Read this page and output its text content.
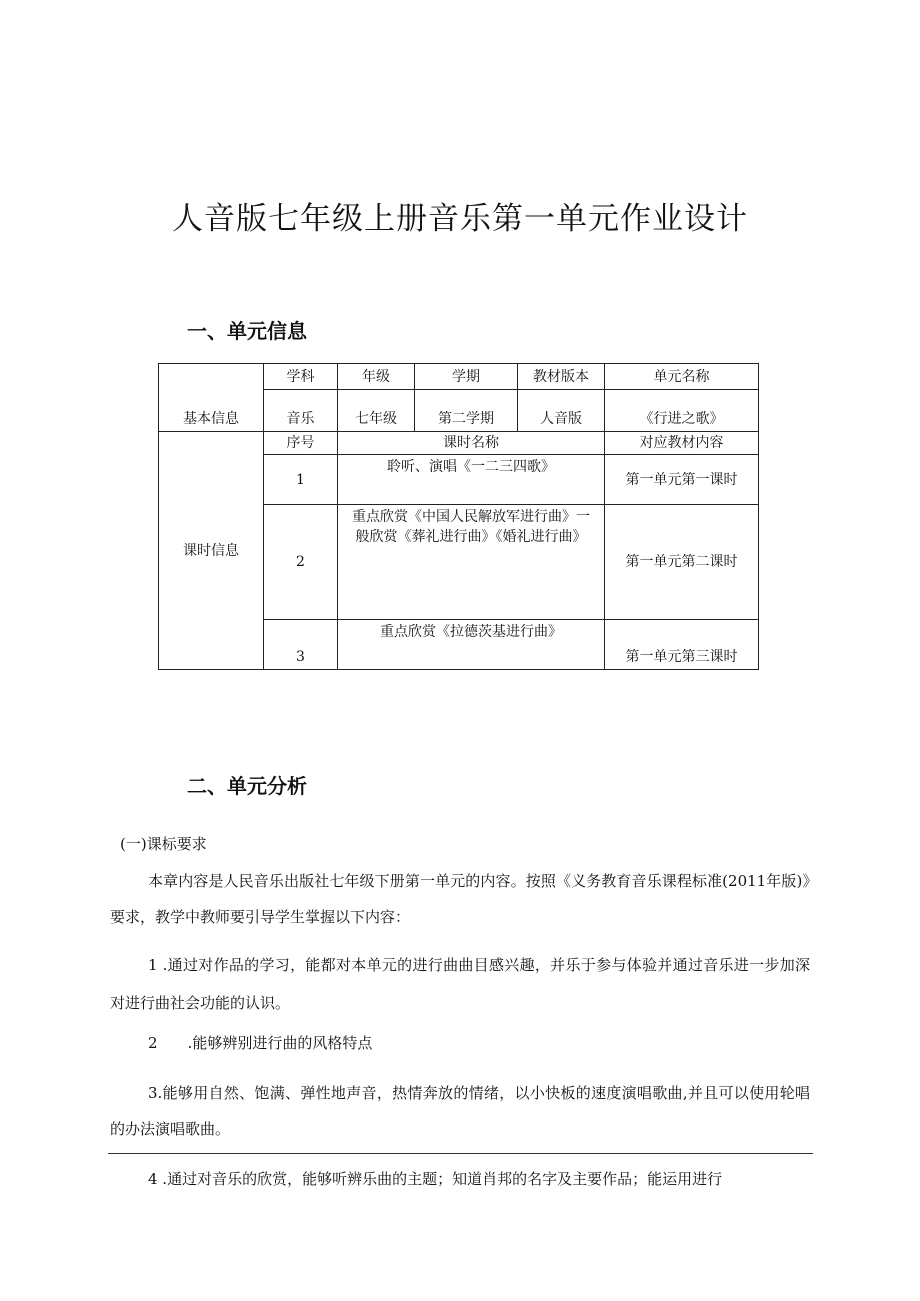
人音版七年级上册音乐第一单元作业设计
一、单元信息
基本信息	学科	年级	学期	教材版本	单元名称
	音乐	七年级	第二学期	人音版	《行进之歌》
课时信息	序号	课时名称			对应教材内容
	1	聆听、演唱《一二三四歌》			第一单元第一课时
	2	重点欣赏《中国人民解放军进行曲》一般欣赏《葬礼进行曲》《婚礼进行曲》			第一单元第二课时
	3	重点欣赏《拉德茨基进行曲》			第一单元第三课时
二、单元分析

(一)课标要求

本章内容是人民音乐出版社七年级下册第一单元的内容。按照《义务教育音乐课程标准(2011年版)》要求，教学中教师要引导学生掌握以下内容：

1 .通过对作品的学习，能都对本单元的进行曲曲目感兴趣，并乐于参与体验并通过音乐进一步加深对进行曲社会功能的认识。

2 .能够辨别进行曲的风格特点

3.能够用自然、饱满、弹性地声音，热情奔放的情绪，以小快板的速度演唱歌曲,并且可以使用轮唱的办法演唱歌曲。

4 .通过对音乐的欣赏，能够听辨乐曲的主题；知道肖邦的名字及主要作品；能运用进行
